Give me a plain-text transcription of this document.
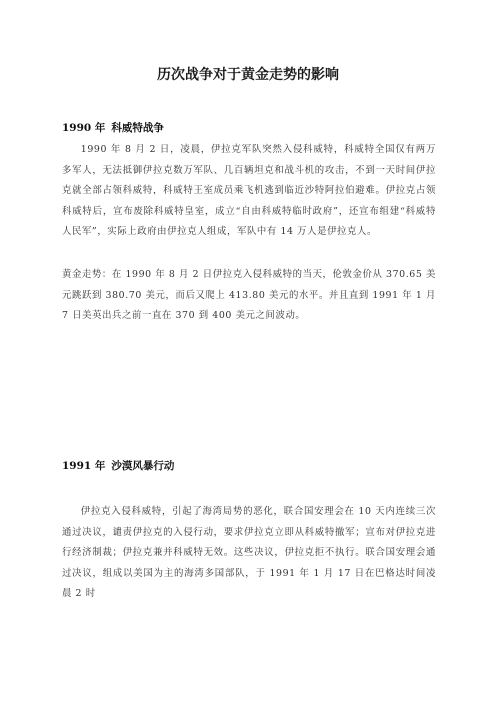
历次战争对于黄金走势的影响
1990 年 科威特战争

1990 年 8 月 2 日，凌晨，伊拉克军队突然入侵科威特，科威特全国仅有两万多军人，无法抵御伊拉克数万军队、几百辆坦克和战斗机的攻击，不到一天时间伊拉克就全部占领科威特，科威特王室成员乘飞机逃到临近沙特阿拉伯避难。伊拉克占领科威特后，宣布废除科威特皇室，成立“自由科威特临时政府”，还宣布组建“科威特人民军”，实际上政府由伊拉克人组成，军队中有 14 万人是伊拉克人。

黄金走势：在 1990 年 8 月 2 日伊拉克入侵科威特的当天，伦敦金价从 370.65 美元跳跃到 380.70 美元，而后又爬上 413.80 美元的水平。并且直到 1991 年 1 月 7 日美英出兵之前一直在 370 到 400 美元之间波动。

1991 年 沙漠风暴行动

伊拉克入侵科威特，引起了海湾局势的恶化，联合国安理会在 10 天内连续三次通过决议，谴责伊拉克的入侵行动，要求伊拉克立即从科威特撤军；宣布对伊拉克进行经济制裁；伊拉克兼并科威特无效。这些决议，伊拉克拒不执行。联合国安理会通过决议，组成以美国为主的海湾多国部队，于 1991 年 1 月 17 日在巴格达时间凌晨 2 时
